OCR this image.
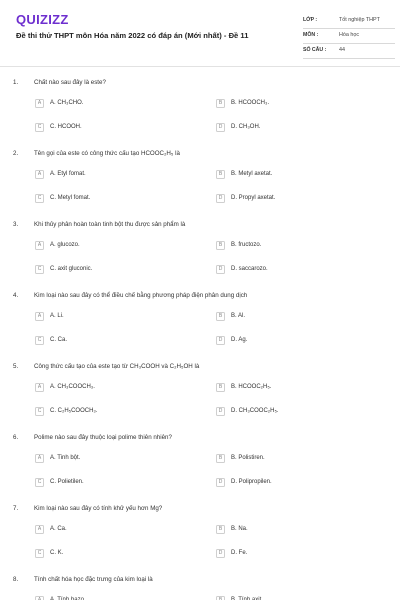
QUIZIZZ
Đề thi thử THPT môn Hóa năm 2022 có đáp án (Mới nhất) - Đề 11
LỚP :	Tốt nghiệp THPT
MÔN :	Hóa học
SỐ CÂU : 44
1.	Chất nào sau đây là este?
A	A. CH₃CHO.	B	B. HCOOCH₃.
C	C. HCOOH.	D	D. CH₃OH.
2.	Tên gọi của este có công thức cấu tạo HCOOC₂H₅ là
A	A. Etyl fomat.	B	B. Metyl axetat.
C	C. Metyl fomat.	D	D. Propyl axetat.
3.	Khi thủy phân hoàn toàn tinh bột thu được sản phẩm là
A	A. glucozo.	B	B. fructozo.
C	C. axit gluconic.	D	D. saccarozo.
4.	Kim loại nào sau đây có thể điều chế bằng phương pháp điện phân dung dịch
A	A. Li.	B	B. Al.
C	C. Ca.	D	D. Ag.
5.	Công thức cấu tạo của este tạo từ CH₃COOH và C₂H₅OH là
A	A. CH₃COOCH₃.	B	B. HCOOC₂H₅.
C	C. C₂H₅COOCH₃.	D	D. CH₃COOC₂H₅.
6.	Polime nào sau đây thuộc loại polime thiên nhiên?
A	A. Tinh bột.	B	B. Polistiren.
C	C. Polietilen.	D	D. Polipropilen.
7.	Kim loại nào sau đây có tính khử yếu hơn Mg?
A	A. Ca.	B	B. Na.
C	C. K.	D	D. Fe.
8.	Tính chất hóa học đặc trưng của kim loại là
A	A. Tính bazo.	B	B. Tính axit.
